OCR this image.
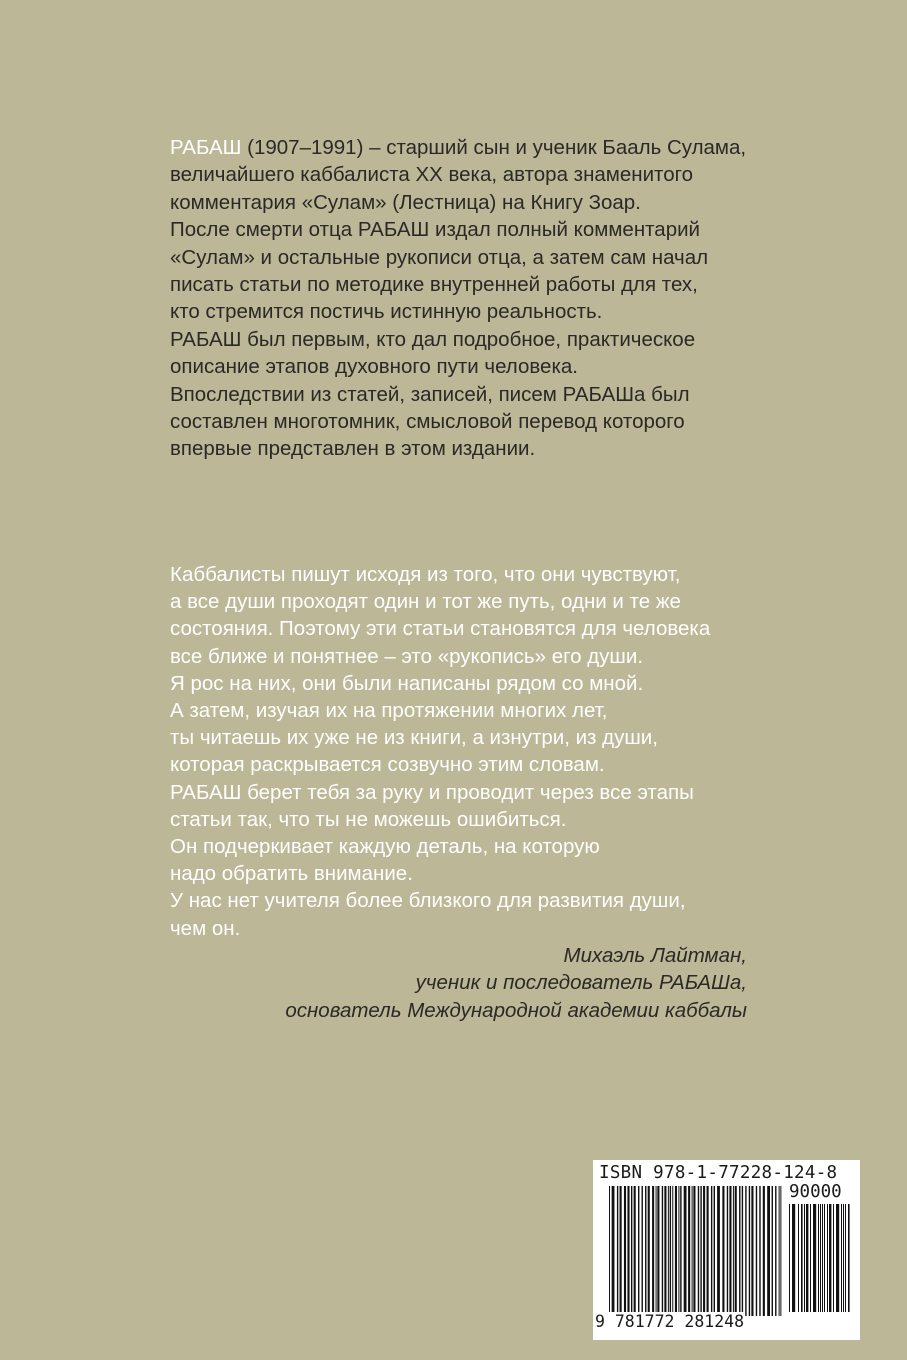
РАБАШ (1907–1991) – старший сын и ученик Бааль Сулама,
величайшего каббалиста XX века, автора знаменитого
комментария «Сулам» (Лестница) на Книгу Зоар.
После смерти отца РАБАШ издал полный комментарий
«Сулам» и остальные рукописи отца, а затем сам начал
писать статьи по методике внутренней работы для тех,
кто стремится постичь истинную реальность.
РАБАШ был первым, кто дал подробное, практическое
описание этапов духовного пути человека.
Впоследствии из статей, записей, писем РАБАШа был
составлен многотомник, смысловой перевод которого
впервые представлен в этом издании.
Каббалисты пишут исходя из того, что они чувствуют,
а все души проходят один и тот же путь, одни и те же
состояния. Поэтому эти статьи становятся для человека
все ближе и понятнее – это «рукопись» его души.
Я рос на них, они были написаны рядом со мной.
А затем, изучая их на протяжении многих лет,
ты читаешь их уже не из книги, а изнутри, из души,
которая раскрывается созвучно этим словам.
РАБАШ берет тебя за руку и проводит через все этапы
статьи так, что ты не можешь ошибиться.
Он подчеркивает каждую деталь, на которую
надо обратить внимание.
У нас нет учителя более близкого для развития души,
чем он.
Михаэль Лайтман,
ученик и последователь РАБАШа,
основатель Международной академии каббалы
ISBN 978-1-77228-124-8
90000
9 781772 281248
